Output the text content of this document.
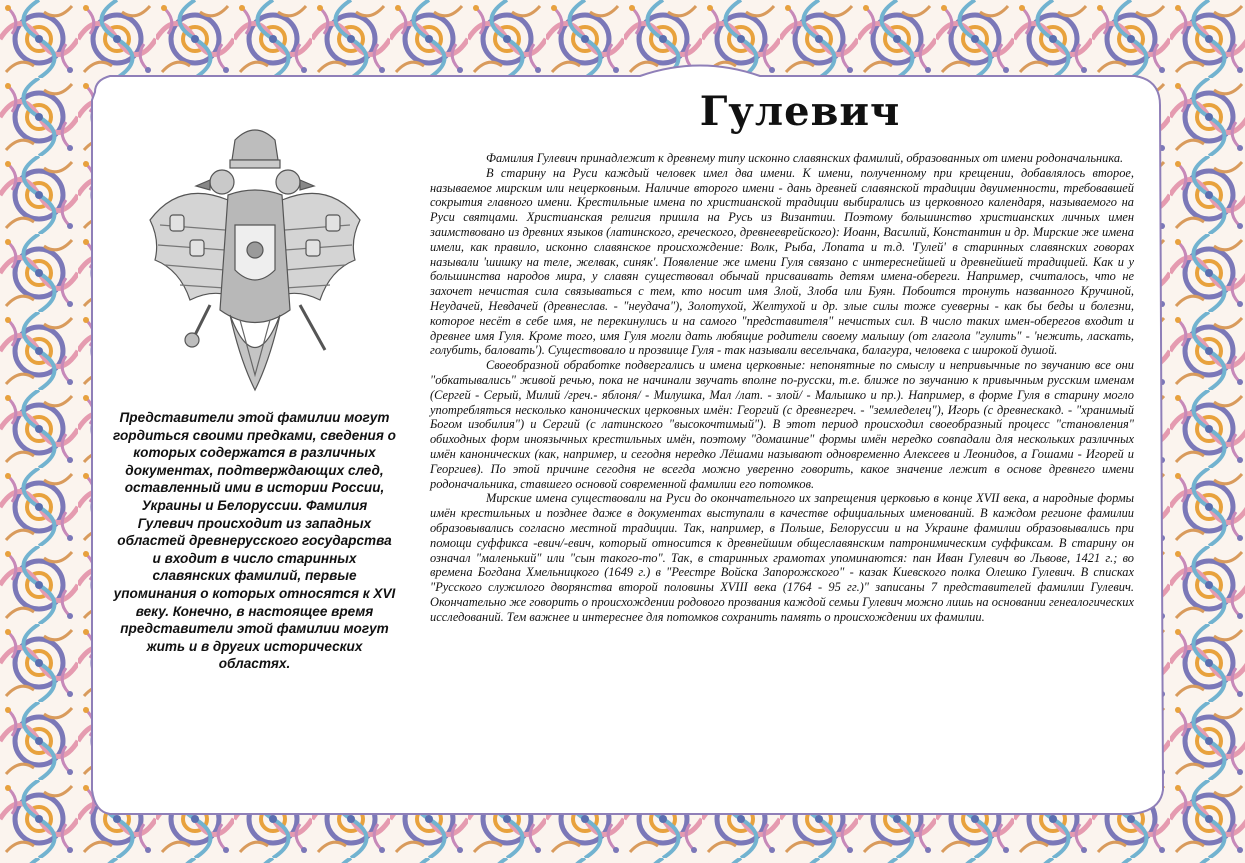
Гулевич
Представители этой фамилии могут гордиться своими предками, сведения о которых содержатся в различных документах, подтверждающих след, оставленный ими в истории России, Украины и Белоруссии. Фамилия Гулевич происходит из западных областей древнерусского государства и входит в число старинных славянских фамилий, первые упоминания о которых относятся к XVI веку. Конечно, в настоящее время представители этой фамилии могут жить и в других исторических областях.

Фамилия Гулевич принадлежит к древнему типу исконно славянских фамилий, образованных от имени родоначальника.

В старину на Руси каждый человек имел два имени. К имени, полученному при крещении, добавлялось второе, называемое мирским или нецерковным. Наличие второго имени - дань древней славянской традиции двуименности, требовавшей сокрытия главного имени. Крестильные имена по христианской традиции выбирались из церковного календаря, называемого на Руси святцами. Христианская религия пришла на Русь из Византии. Поэтому большинство христианских личных имен заимствовано из древних языков (латинского, греческого, древнееврейского): Иоанн, Василий, Константин и др. Мирские же имена имели, как правило, исконно славянское происхождение: Волк, Рыба, Лопата и т.д. 'Гулей' в старинных славянских говорах называли 'шишку на теле, желвак, синяк'. Появление же имени Гуля связано с интереснейшей и древнейшей традицией. Как и у большинства народов мира, у славян существовал обычай присваивать детям имена-обереги. Например, считалось, что не захочет нечистая сила связываться с тем, кто носит имя Злой, Злоба или Буян. Побоится тронуть названного Кручиной, Неудачей, Невдачей (древнеслав. - "неудача"), Золотухой, Желтухой и др. злые силы тоже суеверны - как бы беды и болезни, которое несёт в себе имя, не перекинулись и на самого "представителя" нечистых сил. В число таких имен-оберегов входит и древнее имя Гуля. Кроме того, имя Гуля могли дать любящие родители своему малышу (от глагола "гулить" - 'нежить, ласкать, голубить, баловать'). Существовало и прозвище Гуля - так называли весельчака, балагура, человека с широкой душой.

Своеобразной обработке подвергались и имена церковные: непонятные по смыслу и непривычные по звучанию все они "обкатывались" живой речью, пока не начинали звучать вполне по-русски, т.е. ближе по звучанию к привычным русским именам (Сергей - Серый, Милий /греч.- яблоня/ - Милушка, Мал /лат. - злой/ - Малышко и пр.). Например, в форме Гуля в старину могло употребляться несколько канонических церковных имён: Георгий (с древнегреч. - "земледелец"), Игорь (с древнескакд. - "хранимый Богом изобилия") и Сергий (с латинского "высокочтимый"). В этот период происходил своеобразный процесс "становления" обиходных форм иноязычных крестильных имён, поэтому "домашние" формы имён нередко совпадали для нескольких различных имён канонических (как, например, и сегодня нередко Лёшами называют одновременно Алексеев и Леонидов, а Гошами - Игорей и Георгиев). По этой причине сегодня не всегда можно уверенно говорить, какое значение лежит в основе древнего имени родоначальника, ставшего основой современной фамилии его потомков.

Мирские имена существовали на Руси до окончательного их запрещения церковью в конце XVII века, а народные формы имён крестильных и позднее даже в документах выступали в качестве официальных именований. В каждом регионе фамилии образовывались согласно местной традиции. Так, например, в Польше, Белоруссии и на Украине фамилии образовывались при помощи суффикса -евич/-евич, который относится к древнейшим общеславянским патронимическим суффиксам. В старину он означал "маленький" или "сын такого-то". Так, в старинных грамотах упоминаются: пан Иван Гулевич во Львове, 1421 г.; во времена Богдана Хмельницкого (1649 г.) в "Реестре Войска Запорожского" - казак Киевского полка Олешко Гулевич. В списках "Русского служилого дворянства второй половины XVIII века (1764 - 95 гг.)" записаны 7 представителей фамилии Гулевич. Окончательно же говорить о происхождении родового прозвания каждой семьи Гулевич можно лишь на основании генеалогических исследований. Тем важнее и интереснее для потомков сохранить память о происхождении их фамилии.
